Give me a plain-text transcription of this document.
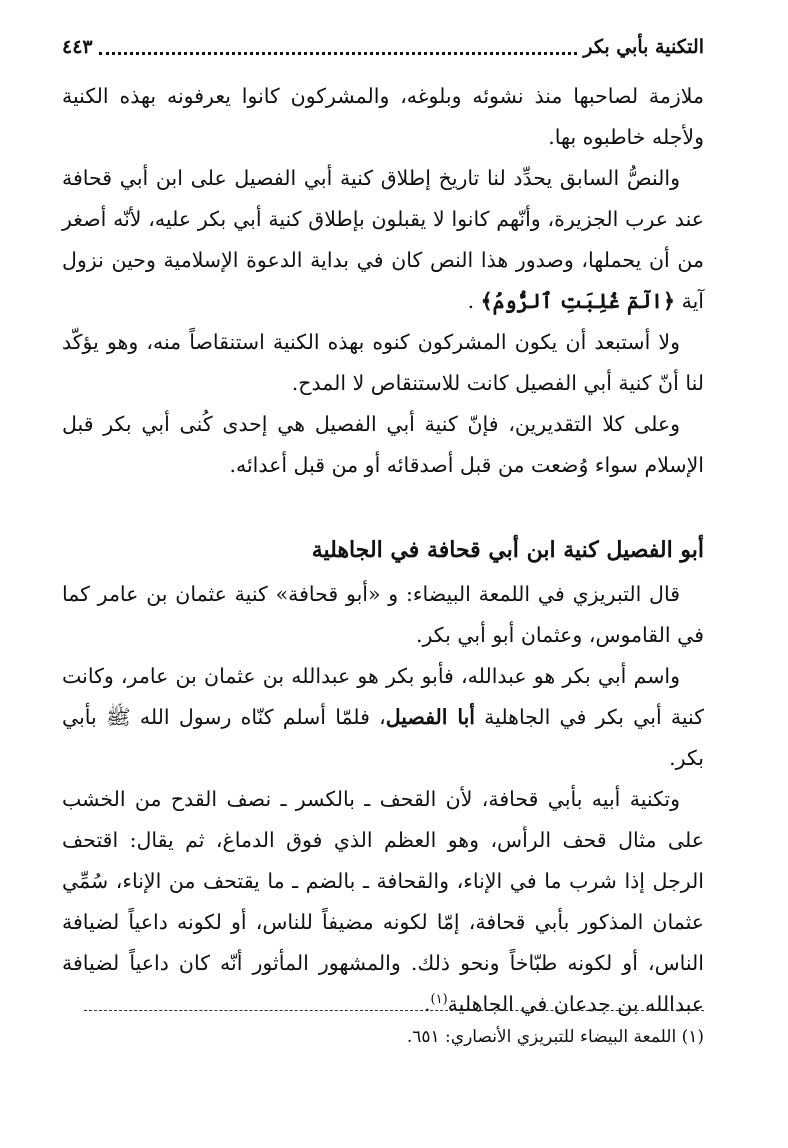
التكنية بأبي بكر
٤٤٣

ملازمة لصاحبها منذ نشوئه وبلوغه، والمشركون كانوا يعرفونه بهذه الكنية ولأجله خاطبوه بها.

والنصُّ السابق يحدِّد لنا تاريخ إطلاق كنية أبي الفصيل على ابن أبي قحافة عند عرب الجزيرة، وأنّهم كانوا لا يقبلون بإطلاق كنية أبي بكر عليه، لأنّه أصغر من أن يحملها، وصدور هذا النص كان في بداية الدعوة الإسلامية وحين نزول آية ﴿الٓمٓ غُلِبَتِ ٱلرُّومُ﴾ .

ولا أستبعد أن يكون المشركون كنوه بهذه الكنية استنقاصاً منه، وهو يؤكّد لنا أنّ كنية أبي الفصيل كانت للاستنقاص لا المدح.

وعلى كلا التقديرين، فإنّ كنية أبي الفصيل هي إحدى كُنى أبي بكر قبل الإسلام سواء وُضعت من قبل أصدقائه أو من قبل أعدائه.

أبو الفصيل كنية ابن أبي قحافة في الجاهلية

قال التبريزي في اللمعة البيضاء: و «أبو قحافة» كنية عثمان بن عامر كما في القاموس، وعثمان أبو أبي بكر.

واسم أبي بكر هو عبدالله، فأبو بكر هو عبدالله بن عثمان بن عامر، وكانت كنية أبي بكر في الجاهلية أبا الفصيل، فلمّا أسلم كنّاه رسول الله ﷺ بأبي بكر.

وتكنية أبيه بأبي قحافة، لأن القحف ـ بالكسر ـ نصف القدح من الخشب على مثال قحف الرأس، وهو العظم الذي فوق الدماغ، ثم يقال: اقتحف الرجل إذا شرب ما في الإناء، والقحافة ـ بالضم ـ ما يقتحف من الإناء، سُمِّي عثمان المذكور بأبي قحافة، إمّا لكونه مضيفاً للناس، أو لكونه داعياً لضيافة الناس، أو لكونه طبّاخاً ونحو ذلك. والمشهور المأثور أنّه كان داعياً لضيافة عبدالله بن جدعان في الجاهلية$^{(١)}$.

(١) اللمعة البيضاء للتبريزي الأنصاري: ٦٥١.
